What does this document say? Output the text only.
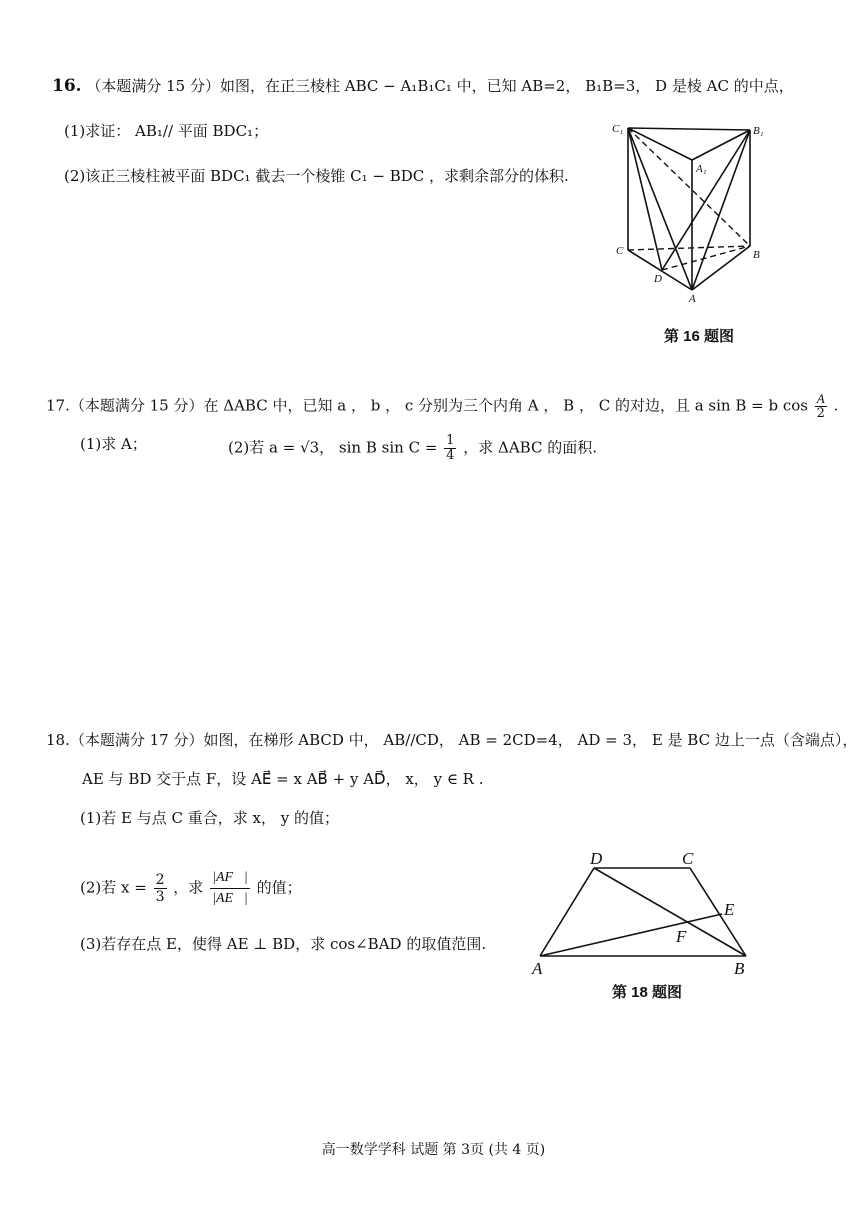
16. （本题满分 15 分）如图，在正三棱柱 ABC − A₁B₁C₁ 中，已知 AB=2， B₁B=3， D 是棱 AC 的中点，
(1)求证： AB₁// 平面 BDC₁；
(2)该正三棱柱被平面 BDC₁ 截去一个棱锥 C₁ − BDC ，求剩余部分的体积.
C₁	B₁
A₁
C	B
D
A
第 16 题图
17.（本题满分 15 分）在 ΔABC 中，已知 a ， b ， c 分别为三个内角 A ， B ， C 的对边，且 a sin B = b $\cos \frac{A}{2}$ .
(1)求 A；	(2)若 a = √3， sin B $\sin C = \frac{1}{4}$ ，求 ΔABC 的面积.
18.（本题满分 17 分）如图，在梯形 ABCD 中， AB//CD， AB = 2CD=4， AD = 3， E 是 BC 边上一点（含端点），
AE 与 BD 交于点 F，设 AE⃗ = x AB⃗ + y AD⃗， x， y ∈ R .
(1)若 E 与点 C 重合，求 x， y 的值；
(2)若 $x = \frac{2}{3}$ ，求 $\frac{|AF⃗|}{|AE⃗|}$ 的值；
(3)若存在点 E，使得 AE ⊥ BD，求 cos∠BAD 的取值范围.
D	C
E
F
A	B
第 18 题图
高一数学学科 试题 第 3页 (共 4 页)
